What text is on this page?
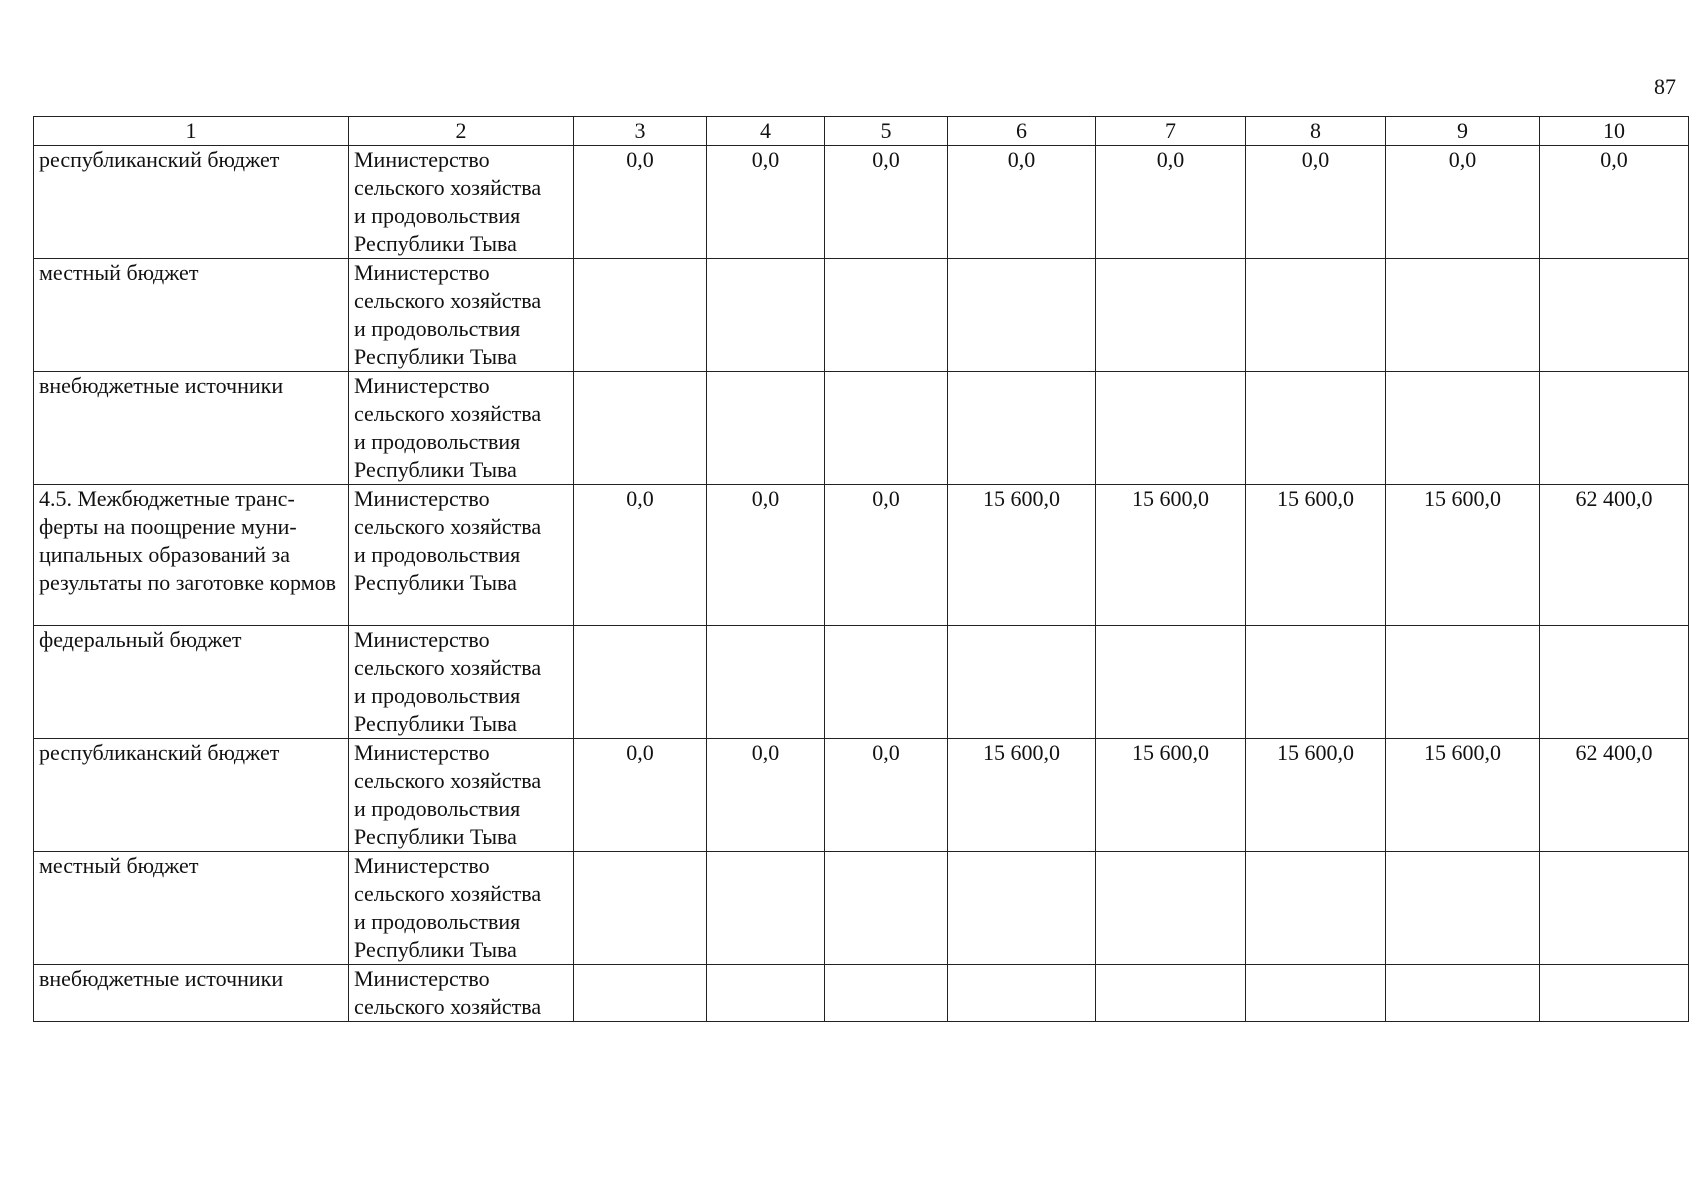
87
1	2	3	4	5	6	7	8	9	10
республиканский бюджет	Министерство
сельского хозяйства
и продовольствия
Республики Тыва	0,0	0,0	0,0	0,0	0,0	0,0	0,0	0,0
местный бюджет	Министерство
сельского хозяйства
и продовольствия
Республики Тыва								

внебюджетные источники	Министерство
сельского хозяйства
и продовольствия
Республики Тыва								

4.5. Межбюджетные транс-ферты на поощрение муни-ципальных образований за результаты по заготовке кормов	Министерство
сельского хозяйства
и продовольствия
Республики Тыва	0,0	0,0	0,0	15 600,0	15 600,0	15 600,0	15 600,0	62 400,0
федеральный бюджет	Министерство
сельского хозяйства
и продовольствия
Республики Тыва								

республиканский бюджет	Министерство
сельского хозяйства
и продовольствия
Республики Тыва	0,0	0,0	0,0	15 600,0	15 600,0	15 600,0	15 600,0	62 400,0
местный бюджет	Министерство
сельского хозяйства
и продовольствия
Республики Тыва								

внебюджетные источники	Министерство
сельского хозяйства								
